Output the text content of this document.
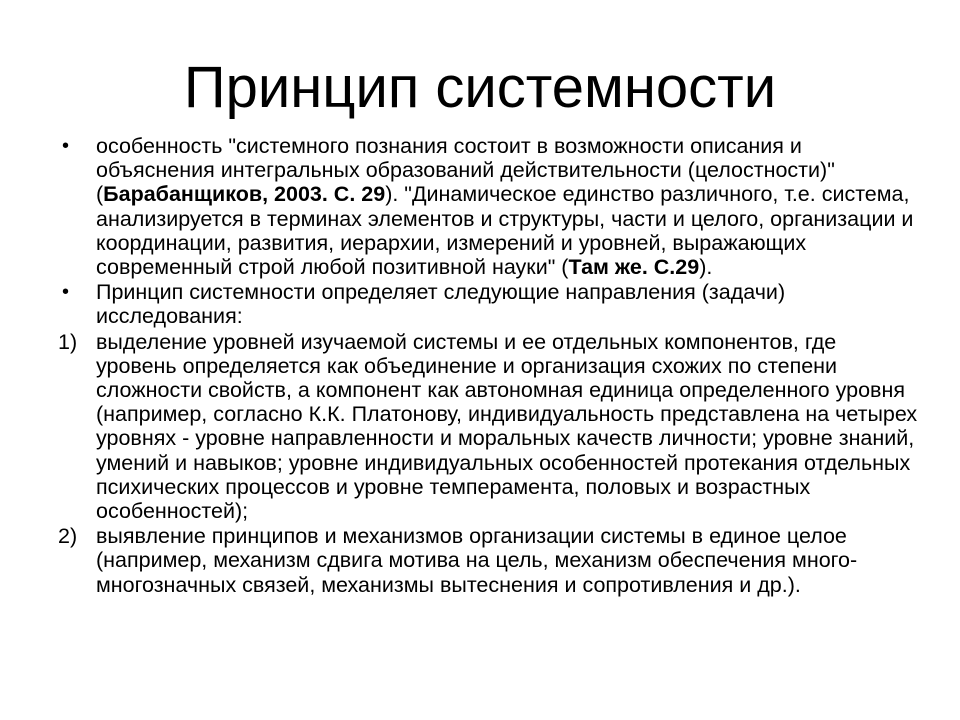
Принцип системности
• особенность "системного познания состоит в возможности описания и объяснения интегральных образований действительности (целостности)" (Барабанщиков, 2003. С. 29). "Динамическое единство различного, т.е. система, анализируется в терминах элементов и структуры, части и целого, организации и координации, развития, иерархии, измерений и уровней, выражающих современный строй любой позитивной науки" (Там же. С.29).
• Принцип системности определяет следующие направления (задачи) исследования:
1) выделение уровней изучаемой системы и ее отдельных компонентов, где уровень определяется как объединение и организация схожих по степени сложности свойств, а компонент как автономная единица определенного уровня (например, согласно К.К. Платонову, индивидуальность представлена на четырех уровнях - уровне направленности и моральных качеств личности; уровне знаний, умений и навыков; уровне индивидуальных особенностей протекания отдельных психических процессов и уровне темперамента, половых и возрастных особенностей);
2) выявление принципов и механизмов организации системы в единое целое (например, механизм сдвига мотива на цель, механизм обеспечения много-многозначных связей, механизмы вытеснения и сопротивления и др.).
